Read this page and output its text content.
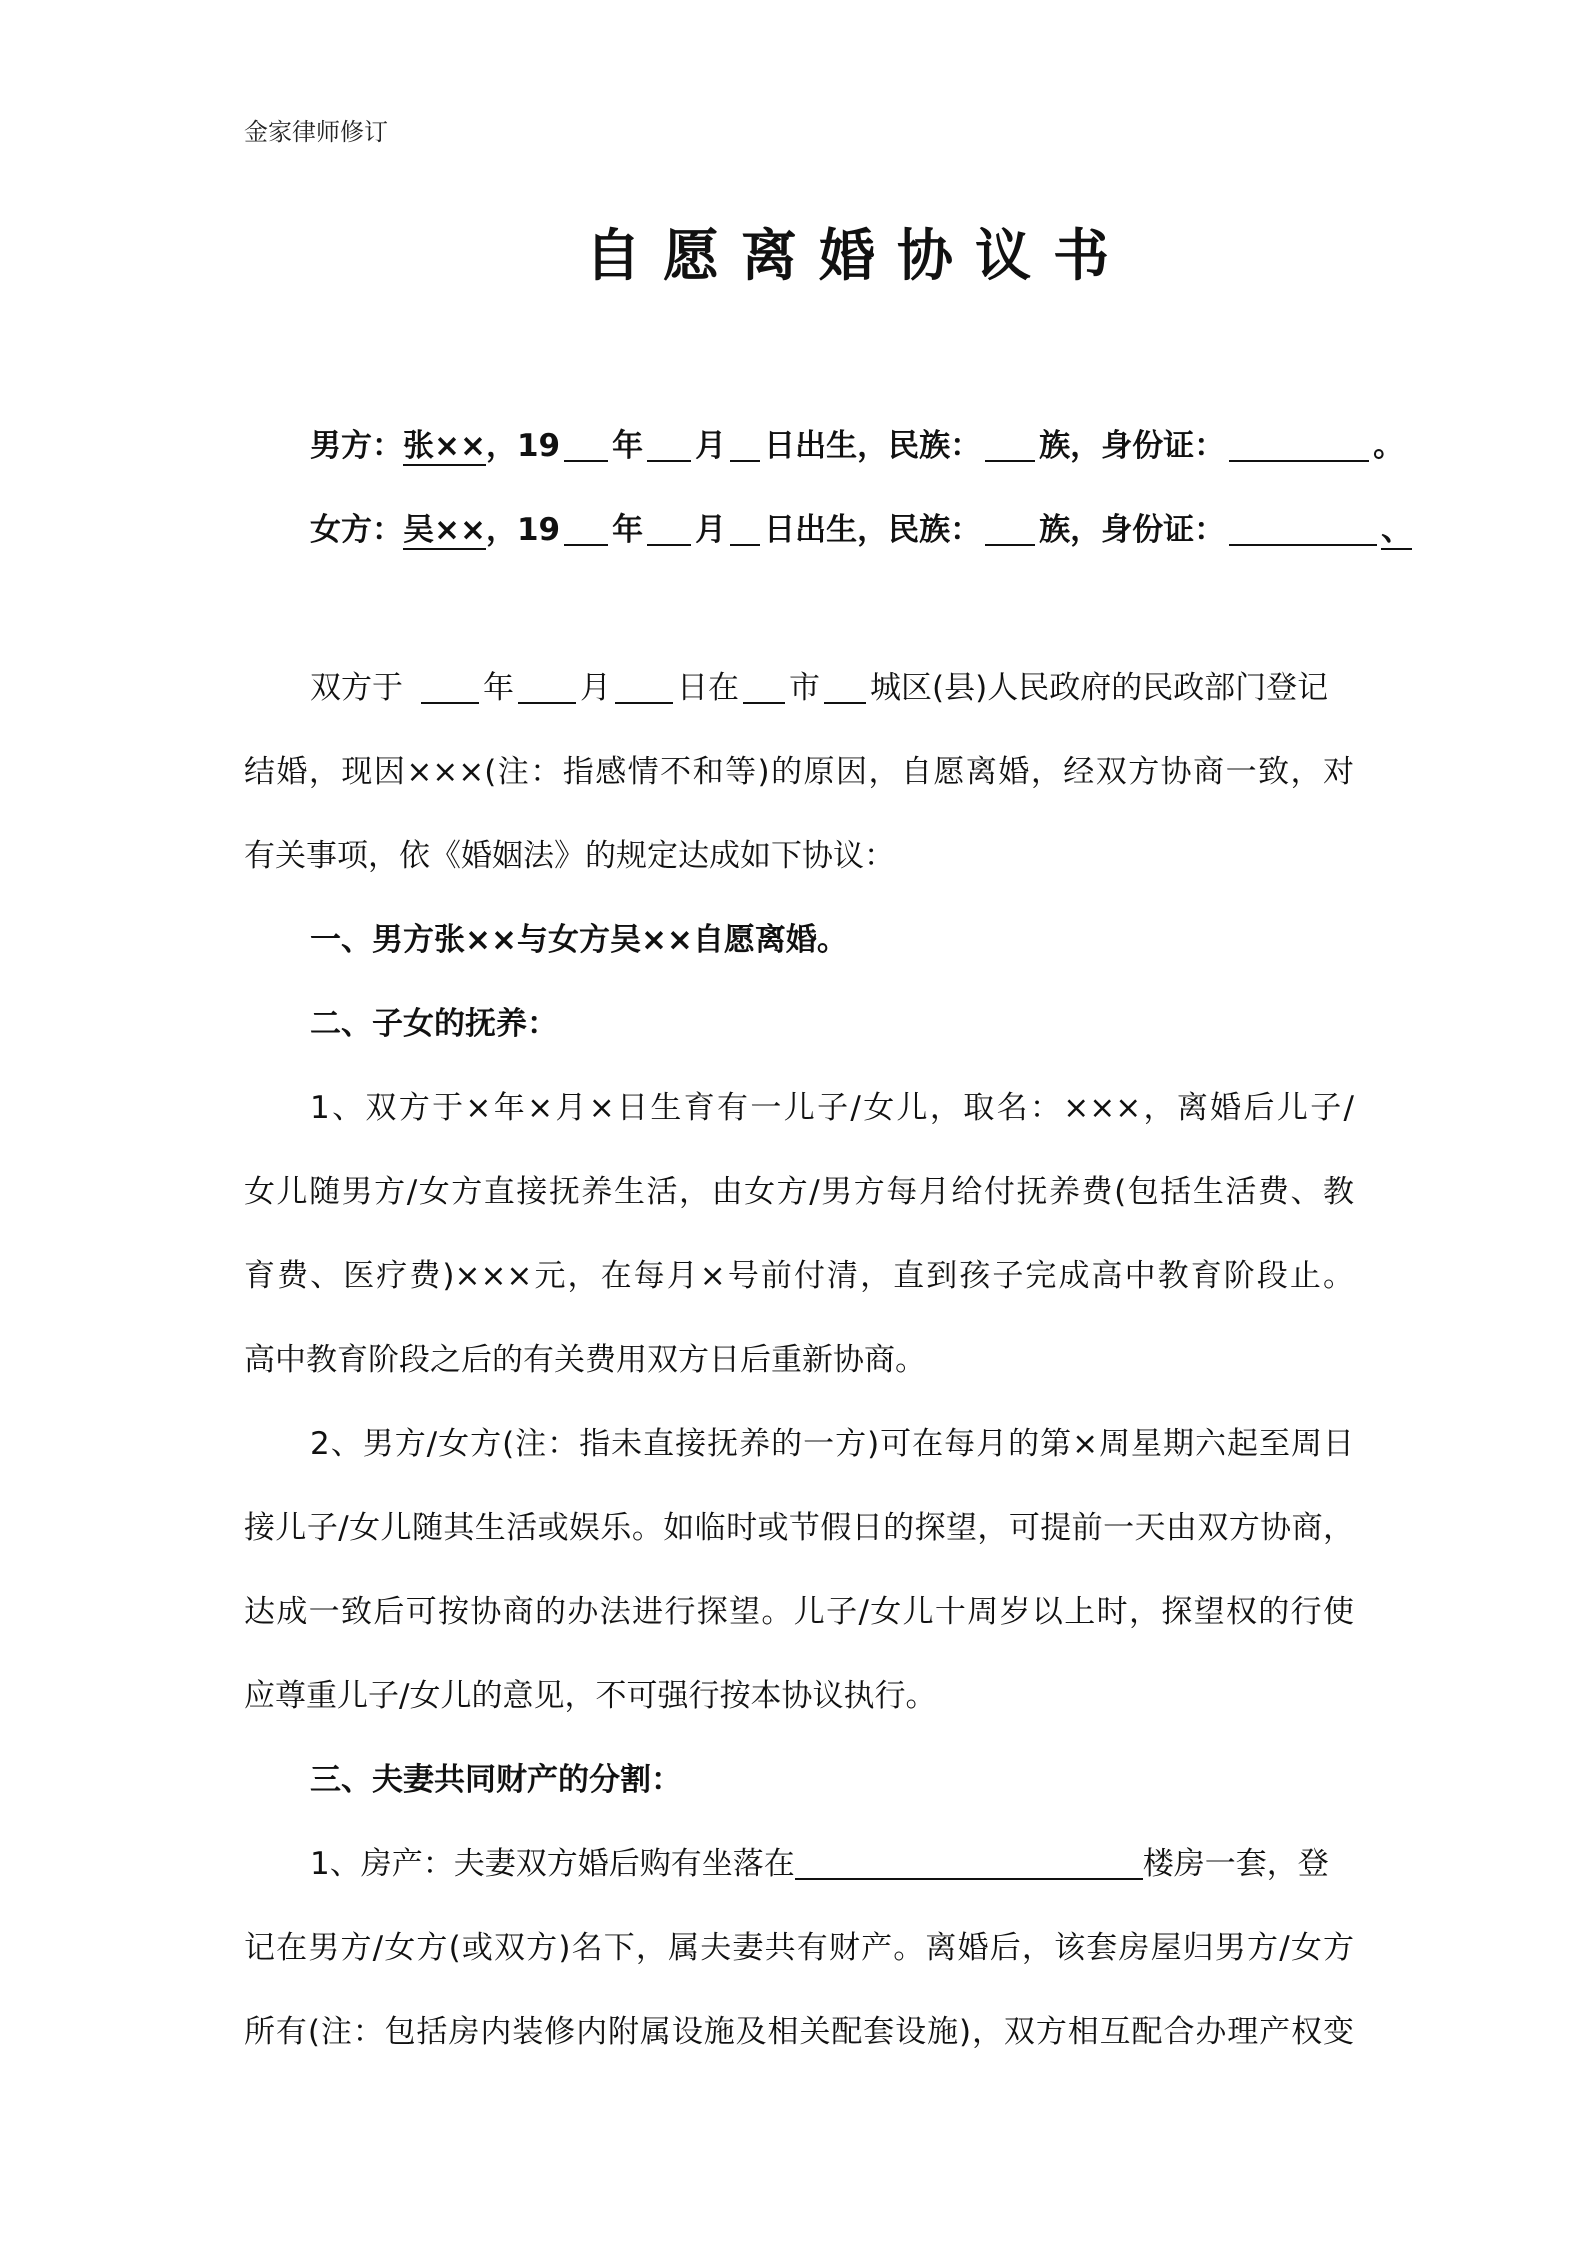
金家律师修订
自愿离婚协议书
男方：张××，19 年 月 日出生，民族： 族，身份证：	。
女方：吴××，19 年 月 日出生，民族： 族，身份证：	、
双方于	年 月 日在 市 城区(县)人民政府的民政部门登记
结婚，现因×××(注：指感情不和等)的原因，自愿离婚，经双方协商一致，对
有关事项，依《婚姻法》的规定达成如下协议：
一、男方张××与女方吴××自愿离婚。
二、子女的抚养：
1、双方于×年×月×日生育有一儿子/女儿，取名：×××，离婚后儿子/
女儿随男方/女方直接抚养生活，由女方/男方每月给付抚养费(包括生活费、教
育费、医疗费)×××元，在每月×号前付清，直到孩子完成高中教育阶段止。
高中教育阶段之后的有关费用双方日后重新协商。
2、男方/女方(注：指未直接抚养的一方)可在每月的第×周星期六起至周日
接儿子/女儿随其生活或娱乐。如临时或节假日的探望，可提前一天由双方协商，
达成一致后可按协商的办法进行探望。儿子/女儿十周岁以上时，探望权的行使
应尊重儿子/女儿的意见，不可强行按本协议执行。
三、夫妻共同财产的分割：
1、房产：夫妻双方婚后购有坐落在	楼房一套，登
记在男方/女方(或双方)名下，属夫妻共有财产。离婚后，该套房屋归男方/女方
所有(注：包括房内装修内附属设施及相关配套设施)，双方相互配合办理产权变
